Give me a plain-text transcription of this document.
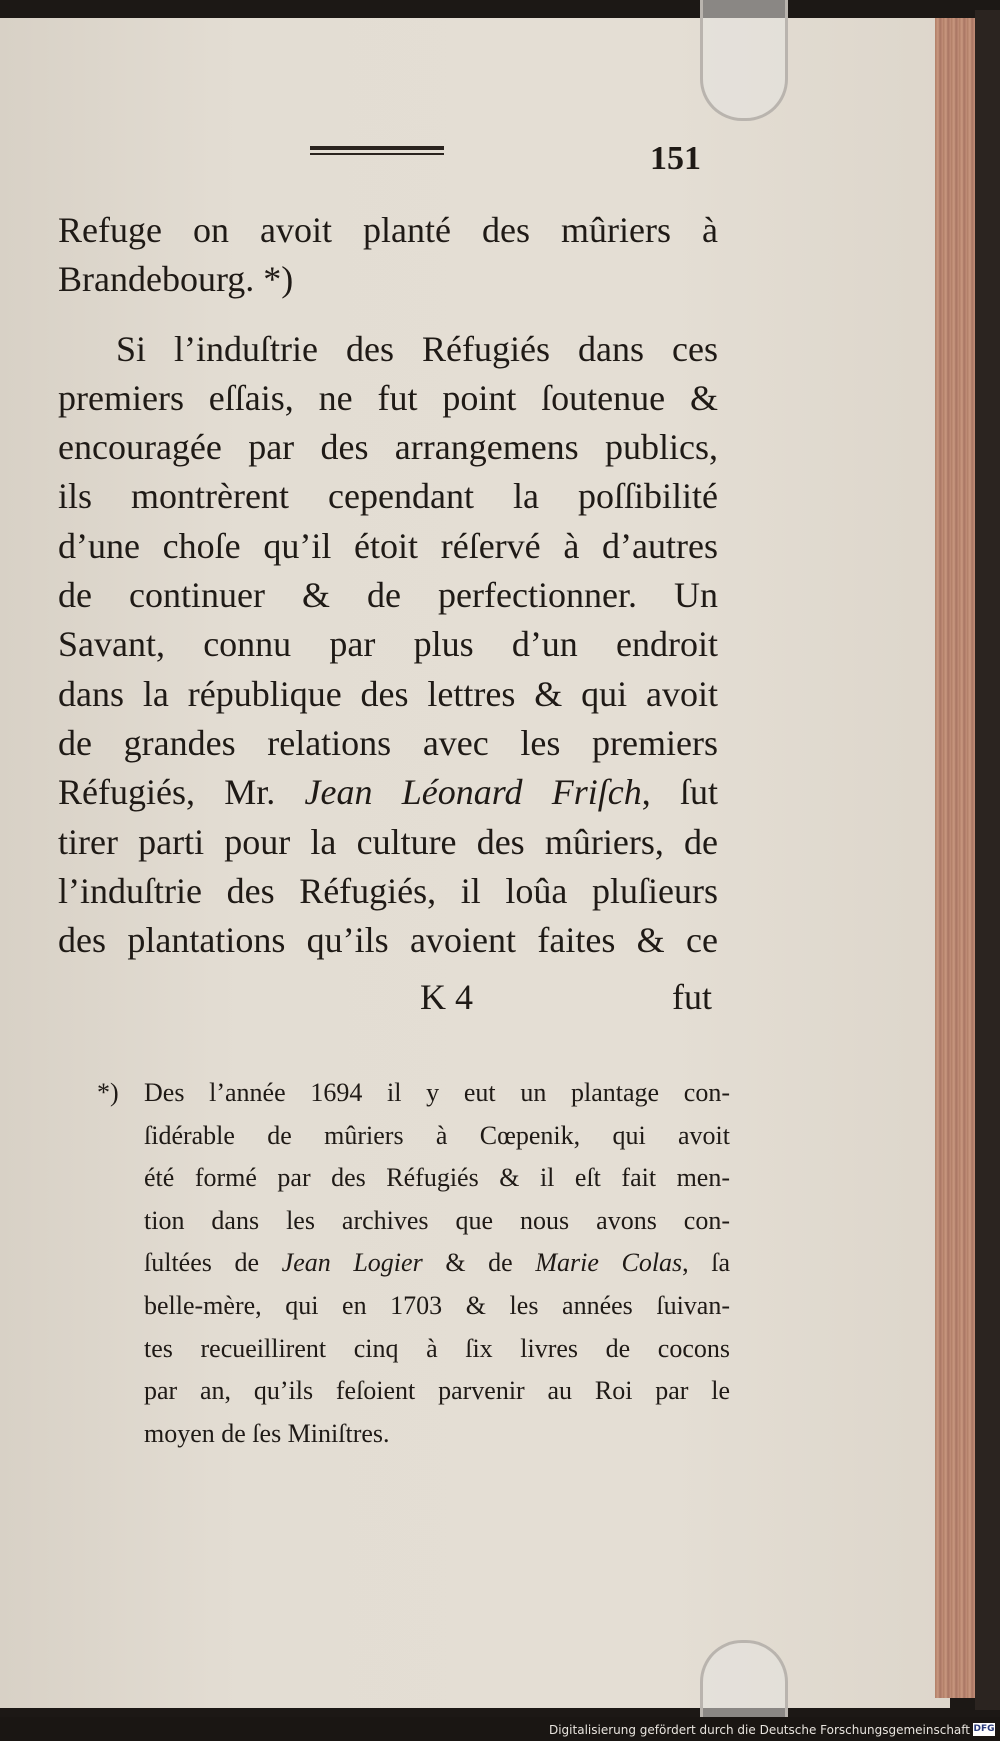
151
Refuge on avoit planté des mûriers à
Brandebourg. *)
Si l’induſtrie des Réfugiés dans ces
premiers eſſais, ne fut point ſoutenue &
encouragée par des arrangemens publics,
ils montrèrent cependant la poſſibilité
d’une choſe qu’il étoit réſervé à d’autres
de continuer & de perfectionner. Un
Savant, connu par plus d’un endroit
dans la république des lettres & qui avoit
de grandes relations avec les premiers
Réfugiés, Mr. Jean Léonard Friſch, ſut
tirer parti pour la culture des mûriers, de
l’induſtrie des Réfugiés, il loûa pluſieurs
des plantations qu’ils avoient faites & ce
K 4	fut
*) Des l’année 1694 il y eut un plantage con-
ſidérable de mûriers à Cœpenik, qui avoit
été formé par des Réfugiés & il eſt fait men-
tion dans les archives que nous avons con-
ſultées de Jean Logier & de Marie Colas, ſa
belle-mère, qui en 1703 & les années ſuivan-
tes recueillirent cinq à ſix livres de cocons
par an, qu’ils feſoient parvenir au Roi par le
moyen de ſes Miniſtres.
Digitalisierung gefördert durch die Deutsche Forschungsgemeinschaft DFG
